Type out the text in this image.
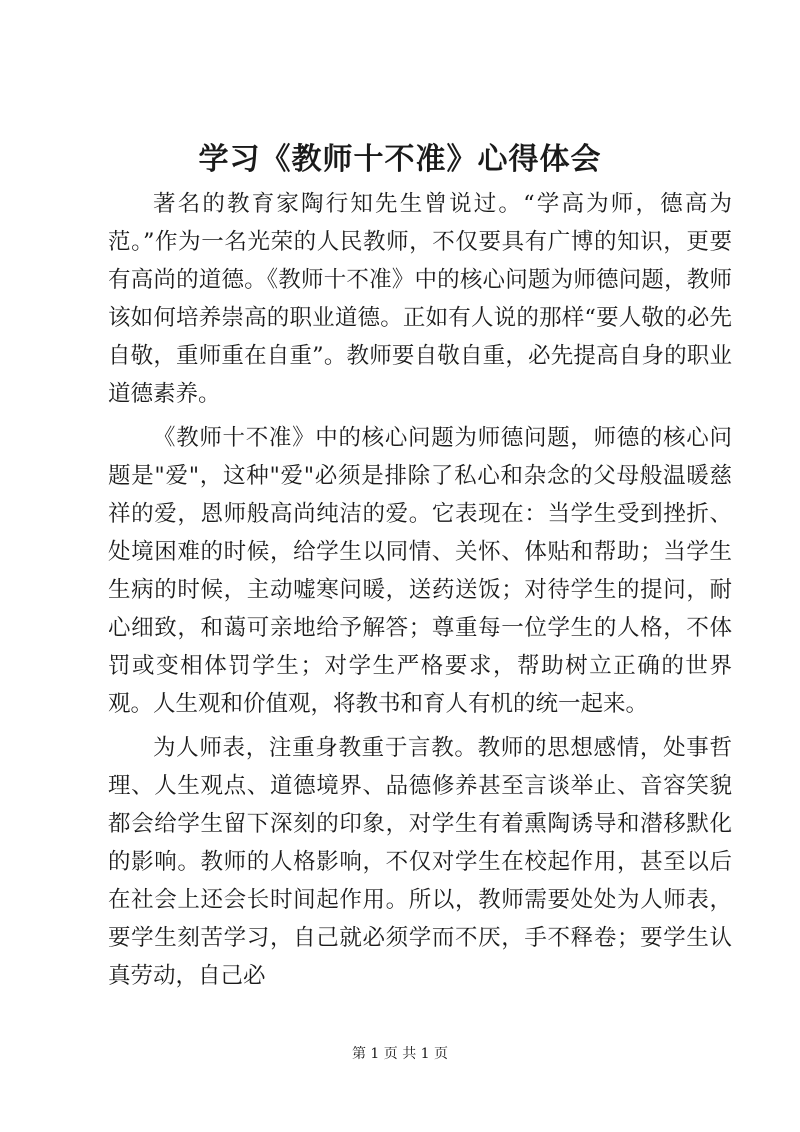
学习《教师十不准》心得体会

著名的教育家陶行知先生曾说过。“学高为师，德高为范。”作为一名光荣的人民教师，不仅要具有广博的知识，更要有高尚的道德。《教师十不准》中的核心问题为师德问题，教师该如何培养崇高的职业道德。正如有人说的那样“要人敬的必先自敬，重师重在自重”。教师要自敬自重，必先提高自身的职业道德素养。

《教师十不准》中的核心问题为师德问题，师德的核心问题是"爱"，这种"爱"必须是排除了私心和杂念的父母般温暖慈祥的爱，恩师般高尚纯洁的爱。它表现在：当学生受到挫折、处境困难的时候，给学生以同情、关怀、体贴和帮助；当学生生病的时候，主动嘘寒问暖，送药送饭；对待学生的提问，耐心细致，和蔼可亲地给予解答；尊重每一位学生的人格，不体罚或变相体罚学生；对学生严格要求，帮助树立正确的世界观。人生观和价值观，将教书和育人有机的统一起来。

为人师表，注重身教重于言教。教师的思想感情，处事哲理、人生观点、道德境界、品德修养甚至言谈举止、音容笑貌都会给学生留下深刻的印象，对学生有着熏陶诱导和潜移默化的影响。教师的人格影响，不仅对学生在校起作用，甚至以后在社会上还会长时间起作用。所以，教师需要处处为人师表，要学生刻苦学习，自己就必须学而不厌，手不释卷；要学生认真劳动，自己必

第 1 页 共 1 页
